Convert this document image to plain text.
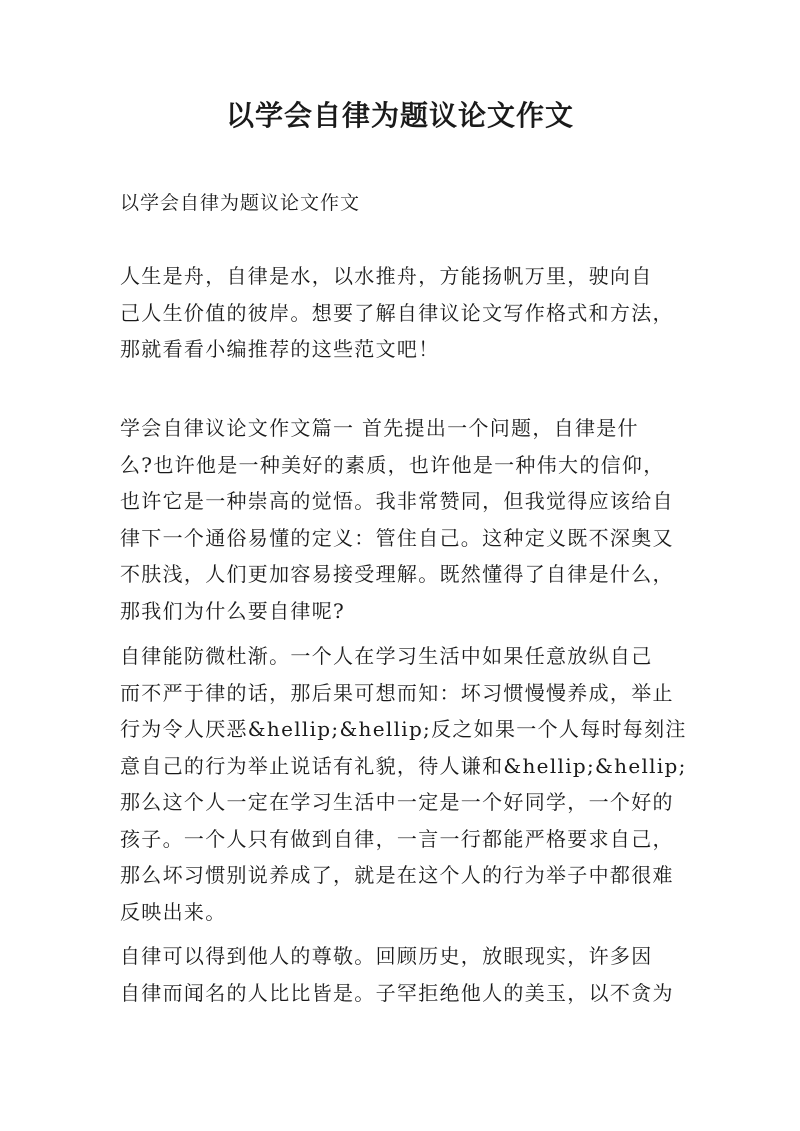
以学会自律为题议论文作文

以学会自律为题议论文作文

人生是舟，自律是水，以水推舟，方能扬帆万里，驶向自
己人生价值的彼岸。想要了解自律议论文写作格式和方法，
那就看看小编推荐的这些范文吧！

学会自律议论文作文篇一 首先提出一个问题，自律是什
么?也许他是一种美好的素质，也许他是一种伟大的信仰，
也许它是一种崇高的觉悟。我非常赞同，但我觉得应该给自
律下一个通俗易懂的定义：管住自己。这种定义既不深奥又
不肤浅，人们更加容易接受理解。既然懂得了自律是什么，
那我们为什么要自律呢?

自律能防微杜渐。一个人在学习生活中如果任意放纵自己
而不严于律的话，那后果可想而知：坏习惯慢慢养成，举止
行为令人厌恶&hellip;&hellip;反之如果一个人每时每刻注
意自己的行为举止说话有礼貌，待人谦和&hellip;&hellip;
那么这个人一定在学习生活中一定是一个好同学，一个好的
孩子。一个人只有做到自律，一言一行都能严格要求自己，
那么坏习惯别说养成了，就是在这个人的行为举子中都很难
反映出来。

自律可以得到他人的尊敬。回顾历史，放眼现实，许多因
自律而闻名的人比比皆是。子罕拒绝他人的美玉，以不贪为
